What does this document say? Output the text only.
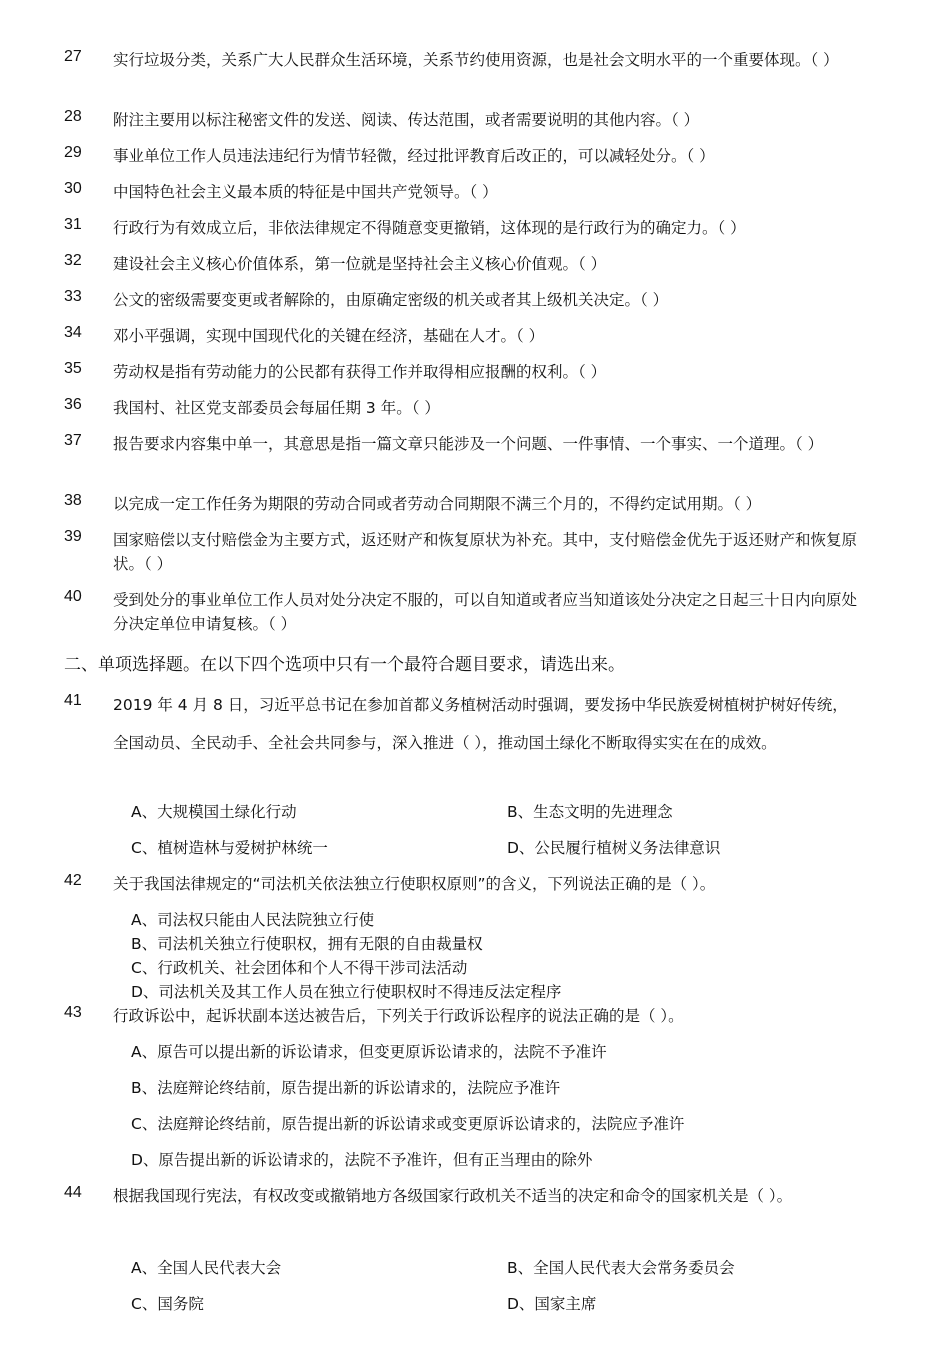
27 实行垃圾分类，关系广大人民群众生活环境，关系节约使用资源，也是社会文明水平的一个重要体现。（ ）
28 附注主要用以标注秘密文件的发送、阅读、传达范围，或者需要说明的其他内容。（ ）
29 事业单位工作人员违法违纪行为情节轻微，经过批评教育后改正的，可以减轻处分。（ ）
30 中国特色社会主义最本质的特征是中国共产党领导。（ ）
31 行政行为有效成立后，非依法律规定不得随意变更撤销，这体现的是行政行为的确定力。（ ）
32 建设社会主义核心价值体系，第一位就是坚持社会主义核心价值观。（ ）
33 公文的密级需要变更或者解除的，由原确定密级的机关或者其上级机关决定。（ ）
34 邓小平强调，实现中国现代化的关键在经济，基础在人才。（ ）
35 劳动权是指有劳动能力的公民都有获得工作并取得相应报酬的权利。（ ）
36 我国村、社区党支部委员会每届任期 3 年。（ ）
37 报告要求内容集中单一，其意思是指一篇文章只能涉及一个问题、一件事情、一个事实、一个道理。（ ）
38 以完成一定工作任务为期限的劳动合同或者劳动合同期限不满三个月的，不得约定试用期。（ ）
39 国家赔偿以支付赔偿金为主要方式，返还财产和恢复原状为补充。其中，支付赔偿金优先于返还财产和恢复原状。（ ）
40 受到处分的事业单位工作人员对处分决定不服的，可以自知道或者应当知道该处分决定之日起三十日内向原处分决定单位申请复核。（ ）
二、单项选择题。在以下四个选项中只有一个最符合题目要求，请选出来。
41 2019 年 4 月 8 日，习近平总书记在参加首都义务植树活动时强调，要发扬中华民族爱树植树护树好传统，全国动员、全民动手、全社会共同参与，深入推进（ ），推动国土绿化不断取得实实在在的成效。
A、大规模国土绿化行动	B、生态文明的先进理念
C、植树造林与爱树护林统一	D、公民履行植树义务法律意识
42 关于我国法律规定的“司法机关依法独立行使职权原则”的含义，下列说法正确的是（ ）。
A、司法权只能由人民法院独立行使
B、司法机关独立行使职权，拥有无限的自由裁量权
C、行政机关、社会团体和个人不得干涉司法活动
D、司法机关及其工作人员在独立行使职权时不得违反法定程序
43 行政诉讼中，起诉状副本送达被告后，下列关于行政诉讼程序的说法正确的是（ ）。
A、原告可以提出新的诉讼请求，但变更原诉讼请求的，法院不予准许
B、法庭辩论终结前，原告提出新的诉讼请求的，法院应予准许
C、法庭辩论终结前，原告提出新的诉讼请求或变更原诉讼请求的，法院应予准许
D、原告提出新的诉讼请求的，法院不予准许，但有正当理由的除外
44 根据我国现行宪法，有权改变或撤销地方各级国家行政机关不适当的决定和命令的国家机关是（ ）。
A、全国人民代表大会	B、全国人民代表大会常务委员会
C、国务院	D、国家主席
